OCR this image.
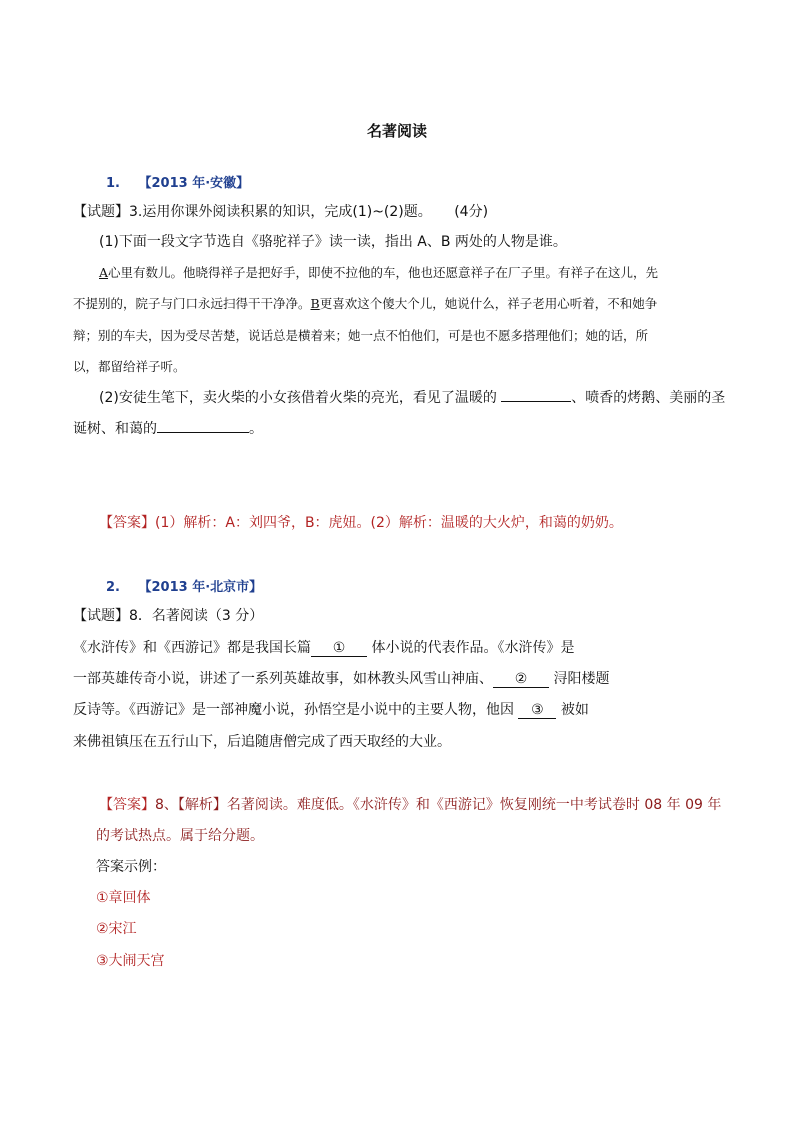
名著阅读
1. 【2013 年·安徽】
【试题】3.运用你课外阅读积累的知识，完成(1)~(2)题。 (4分)
(1)下面一段文字节选自《骆驼祥子》读一读，指出 A、B 两处的人物是谁。
A心里有数儿。他晓得祥子是把好手，即使不拉他的车，他也还愿意祥子在厂子里。有祥子在这儿，先
不提别的，院子与门口永远扫得干干净净。B更喜欢这个傻大个儿，她说什么，祥子老用心听着，不和她争
辩；别的车夫，因为受尽苦楚，说话总是横着来；她一点不怕他们，可是也不愿多搭理他们；她的话，所
以，都留给祥子听。
(2)安徒生笔下，卖火柴的小女孩借着火柴的亮光，看见了温暖的	、喷香的烤鹅、美丽的圣
诞树、和蔼的	。
【答案】(1）解析：A：刘四爷，B：虎妞。(2）解析：温暖的大火炉，和蔼的奶奶。
2. 【2013 年·北京市】
【试题】8．名著阅读（3 分）
《水浒传》和《西游记》都是我国长篇 ① 体小说的代表作品。《水浒传》是
一部英雄传奇小说，讲述了一系列英雄故事，如林教头风雪山神庙、 ② 浔阳楼题
反诗等。《西游记》是一部神魔小说，孙悟空是小说中的主要人物，他因 ③ 被如
来佛祖镇压在五行山下，后追随唐僧完成了西天取经的大业。
【答案】8、【解析】名著阅读。难度低。《水浒传》和《西游记》恢复刚统一中考试卷时 08 年 09 年
的考试热点。属于给分题。
答案示例：
①章回体
②宋江
③大闹天宫
